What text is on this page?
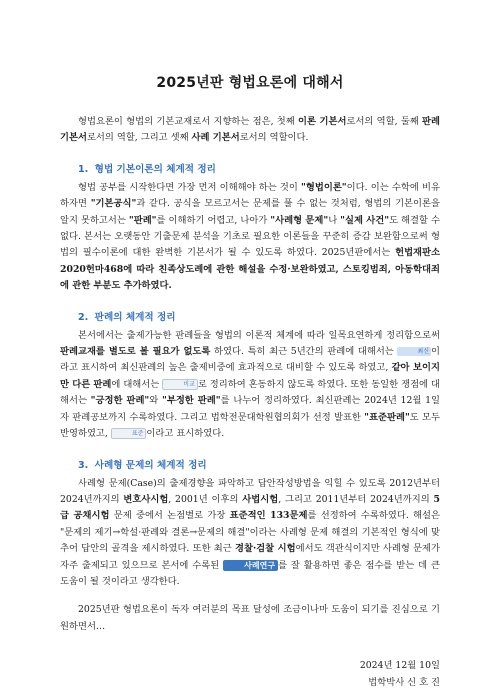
2025년판 형법요론에 대해서

형법요론이 형법의 기본교재로서 지향하는 점은, 첫째 이론 기본서로서의 역할, 둘째 판례 기본서로서의 역할, 그리고 셋째 사례 기본서로서의 역할이다.

1. 형법 기본이론의 체계적 정리

형법 공부를 시작한다면 가장 먼저 이해해야 하는 것이 "형법이론"이다. 이는 수학에 비유하자면 "기본공식"과 같다. 공식을 모르고서는 문제를 풀 수 없는 것처럼, 형법의 기본이론을 알지 못하고서는 "판례"를 이해하기 어렵고, 나아가 "사례형 문제"나 "실제 사건"도 해결할 수 없다. 본서는 오랫동안 기출문제 분석을 기초로 필요한 이론들을 꾸준히 증감 보완함으로써 형법의 필수이론에 대한 완벽한 기본서가 될 수 있도록 하였다. 2025년판에서는 헌법재판소 2020헌마468에 따라 친족상도례에 관한 해설을 수정·보완하였고, 스토킹범죄, 아동학대죄에 관한 부분도 추가하였다.

2. 판례의 체계적 정리

본서에서는 출제가능한 판례들을 형법의 이론적 체계에 따라 일목요연하게 정리함으로써 판례교재를 별도로 볼 필요가 없도록 하였다. 특히 최근 5년간의 판례에 대해서는	최신 이라고 표시하여 최신판례의 높은 출제비중에 효과적으로 대비할 수 있도록 하였고, 같아 보이지만 다른 판례에 대해서는	비교 로 정리하여 혼동하지 않도록 하였다. 또한 동일한 쟁점에 대해서는 "긍정한 판례"와 "부정한 판례"를 나누어 정리하였다. 최신판례는 2024년 12월 1일자 판례공보까지 수록하였다. 그리고 법학전문대학원협의회가 선정 발표한 "표준판례"도 모두 반영하였고,	표준 이라고 표시하였다.

3. 사례형 문제의 체계적 정리

사례형 문제(Case)의 출제경향을 파악하고 답안작성방법을 익힐 수 있도록 2012년부터 2024년까지의 변호사시험, 2001년 이후의 사법시험, 그리고 2011년부터 2024년까지의 5급 공채시험 문제 중에서 논점별로 가장 표준적인 133문제를 선정하여 수록하였다. 해설은 "문제의 제기→학설·판례와 결론→문제의 해결"이라는 사례형 문제 해결의 기본적인 형식에 맞추어 답안의 골격을 제시하였다. 또한 최근 경찰·검찰 시험에서도 객관식이지만 사례형 문제가 자주 출제되고 있으므로 본서에 수록된	사례연구 를 잘 활용하면 좋은 점수를 받는 데 큰 도움이 될 것이라고 생각한다.

2025년판 형법요론이 독자 여러분의 목표 달성에 조금이나마 도움이 되기를 진심으로 기원하면서…

2024년 12월 10일
법학박사 신 호 진
